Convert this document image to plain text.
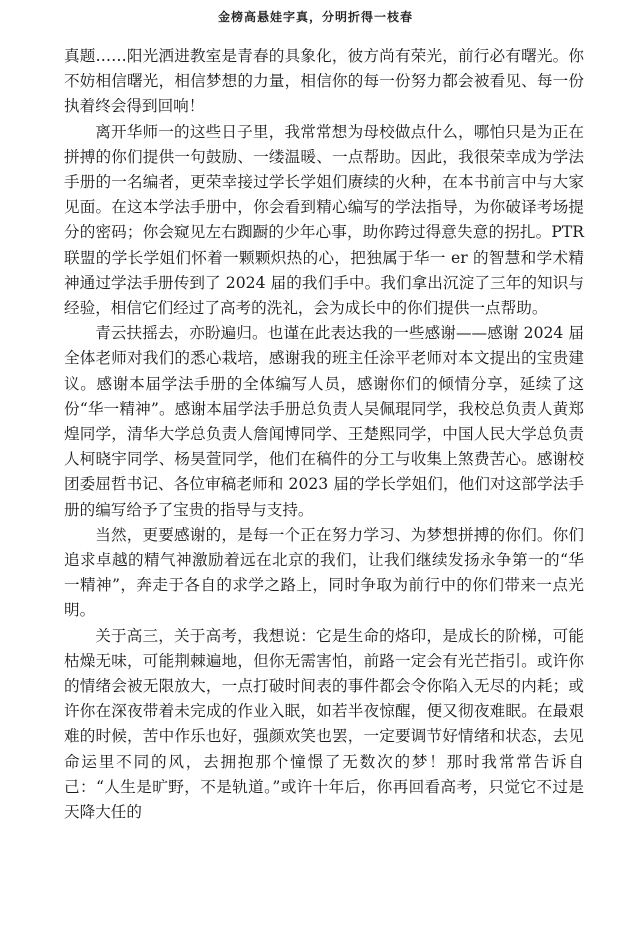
金榜高悬娃字真，分明折得一枝春

真题……阳光洒进教室是青春的具象化，彼方尚有荣光，前行必有曙光。你不妨相信曙光，相信梦想的力量，相信你的每一份努力都会被看见、每一份执着终会得到回响！

离开华师一的这些日子里，我常常想为母校做点什么，哪怕只是为正在拼搏的你们提供一句鼓励、一缕温暖、一点帮助。因此，我很荣幸成为学法手册的一名编者，更荣幸接过学长学姐们赓续的火种，在本书前言中与大家见面。在这本学法手册中，你会看到精心编写的学法指导，为你破译考场提分的密码；你会窥见左右踟蹰的少年心事，助你跨过得意失意的拐扎。PTR 联盟的学长学姐们怀着一颗颗炽热的心，把独属于华一 er 的智慧和学术精神通过学法手册传到了 2024 届的我们手中。我们拿出沉淀了三年的知识与经验，相信它们经过了高考的洗礼，会为成长中的你们提供一点帮助。

青云扶摇去，亦盼遍归。也谨在此表达我的一些感谢——感谢 2024 届全体老师对我们的悉心栽培，感谢我的班主任涂平老师对本文提出的宝贵建议。感谢本届学法手册的全体编写人员，感谢你们的倾情分享，延续了这份“华一精神”。感谢本届学法手册总负责人吴佩琨同学，我校总负责人黄郑煌同学，清华大学总负责人詹闻博同学、王楚熙同学，中国人民大学总负责人柯晓宇同学、杨昊萱同学，他们在稿件的分工与收集上煞费苦心。感谢校团委屈哲书记、各位审稿老师和 2023 届的学长学姐们，他们对这部学法手册的编写给予了宝贵的指导与支持。

当然，更要感谢的，是每一个正在努力学习、为梦想拼搏的你们。你们追求卓越的精气神激励着远在北京的我们，让我们继续发扬永争第一的“华一精神”，奔走于各自的求学之路上，同时争取为前行中的你们带来一点光明。

关于高三，关于高考，我想说：它是生命的烙印，是成长的阶梯，可能枯燥无味，可能荆棘遍地，但你无需害怕，前路一定会有光芒指引。或许你的情绪会被无限放大，一点打破时间表的事件都会令你陷入无尽的内耗；或许你在深夜带着未完成的作业入眠，如若半夜惊醒，便又彻夜难眠。在最艰难的时候，苦中作乐也好，强颜欢笑也罢，一定要调节好情绪和状态，去见命运里不同的风，去拥抱那个憧憬了无数次的梦！那时我常常告诉自己：“人生是旷野，不是轨道。”或许十年后，你再回看高考，只觉它不过是天降大任的
